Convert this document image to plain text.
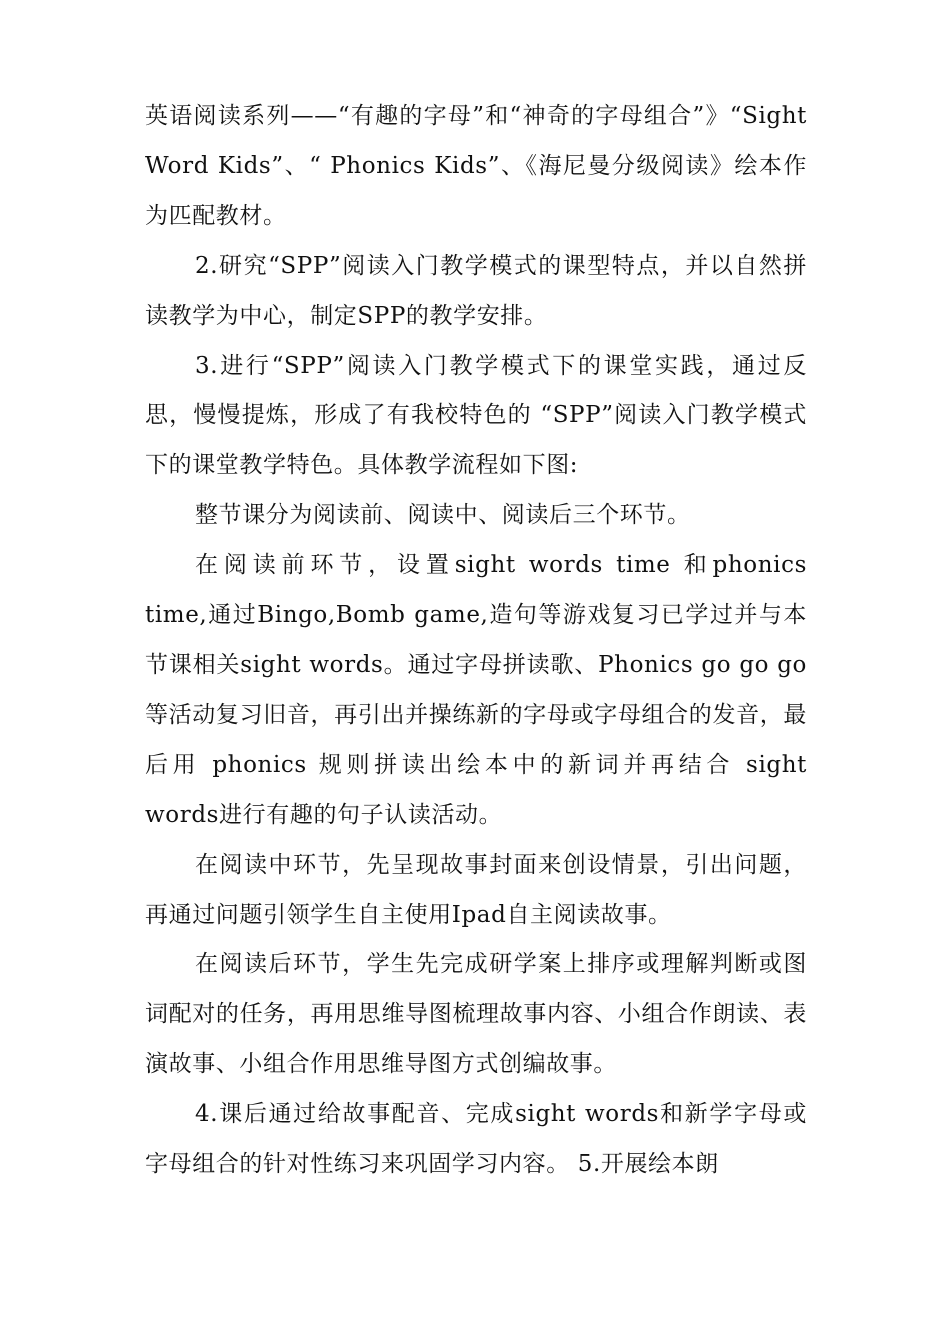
英语阅读系列——“有趣的字母”和“神奇的字母组合”》“Sight Word Kids”、“ Phonics Kids”、《海尼曼分级阅读》绘本作为匹配教材。

2.研究“SPP”阅读入门教学模式的课型特点，并以自然拼读教学为中心，制定SPP的教学安排。

3.进行“SPP”阅读入门教学模式下的课堂实践，通过反思，慢慢提炼，形成了有我校特色的 “SPP”阅读入门教学模式下的课堂教学特色。具体教学流程如下图:

整节课分为阅读前、阅读中、阅读后三个环节。

在阅读前环节，设置sight words time 和phonics time,通过Bingo,Bomb game,造句等游戏复习已学过并与本节课相关sight words。通过字母拼读歌、Phonics go go go等活动复习旧音，再引出并操练新的字母或字母组合的发音，最后用 phonics 规则拼读出绘本中的新词并再结合 sight words进行有趣的句子认读活动。

在阅读中环节，先呈现故事封面来创设情景，引出问题，再通过问题引领学生自主使用Ipad自主阅读故事。

在阅读后环节，学生先完成研学案上排序或理解判断或图词配对的任务，再用思维导图梳理故事内容、小组合作朗读、表演故事、小组合作用思维导图方式创编故事。

4.课后通过给故事配音、完成sight words和新学字母或字母组合的针对性练习来巩固学习内容。 5.开展绘本朗
